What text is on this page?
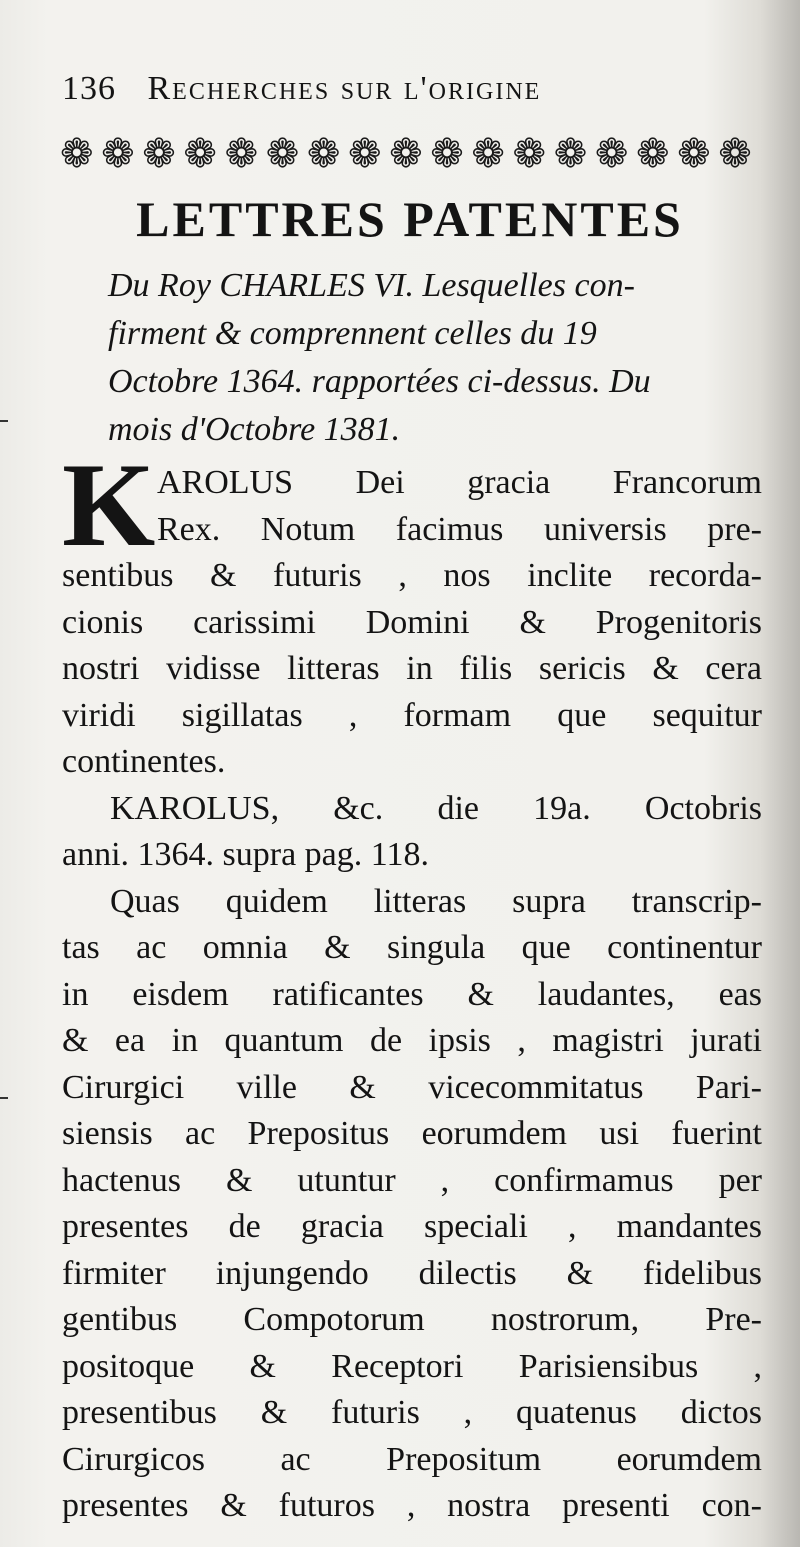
136 Recherches sur l'origine
❁ ❁ ❁ ❁ ❁ ❁ ❁ ❁ ❁ ❁ ❁ ❁ ❁ ❁ ❁ ❁ ❁
LETTRES PATENTES
Du Roy CHARLES VI. Lesquelles con-
firment & comprennent celles du 19
Octobre 1364. rapportées ci-dessus. Du
mois d'Octobre 1381.
K AROLUS Dei gracia Francorum
Rex. Notum facimus universis pre-
sentibus & futuris , nos inclite recorda-
cionis carissimi Domini & Progenitoris
nostri vidisse litteras in filis sericis & cera
viridi sigillatas , formam que sequitur
continentes.
KAROLUS, &c. die 19a. Octobris
anni. 1364. supra pag. 118.
Quas quidem litteras supra transcrip-
tas ac omnia & singula que continentur
in eisdem ratificantes & laudantes, eas
& ea in quantum de ipsis , magistri jurati
Cirurgici ville & vicecommitatus Pari-
siensis ac Prepositus eorumdem usi fuerint
hactenus & utuntur , confirmamus per
presentes de gracia speciali , mandantes
firmiter injungendo dilectis & fidelibus
gentibus Compotorum nostrorum, Pre-
positoque & Receptori Parisiensibus ,
presentibus & futuris , quatenus dictos
Cirurgicos ac Prepositum eorumdem
presentes & futuros , nostra presenti con-
